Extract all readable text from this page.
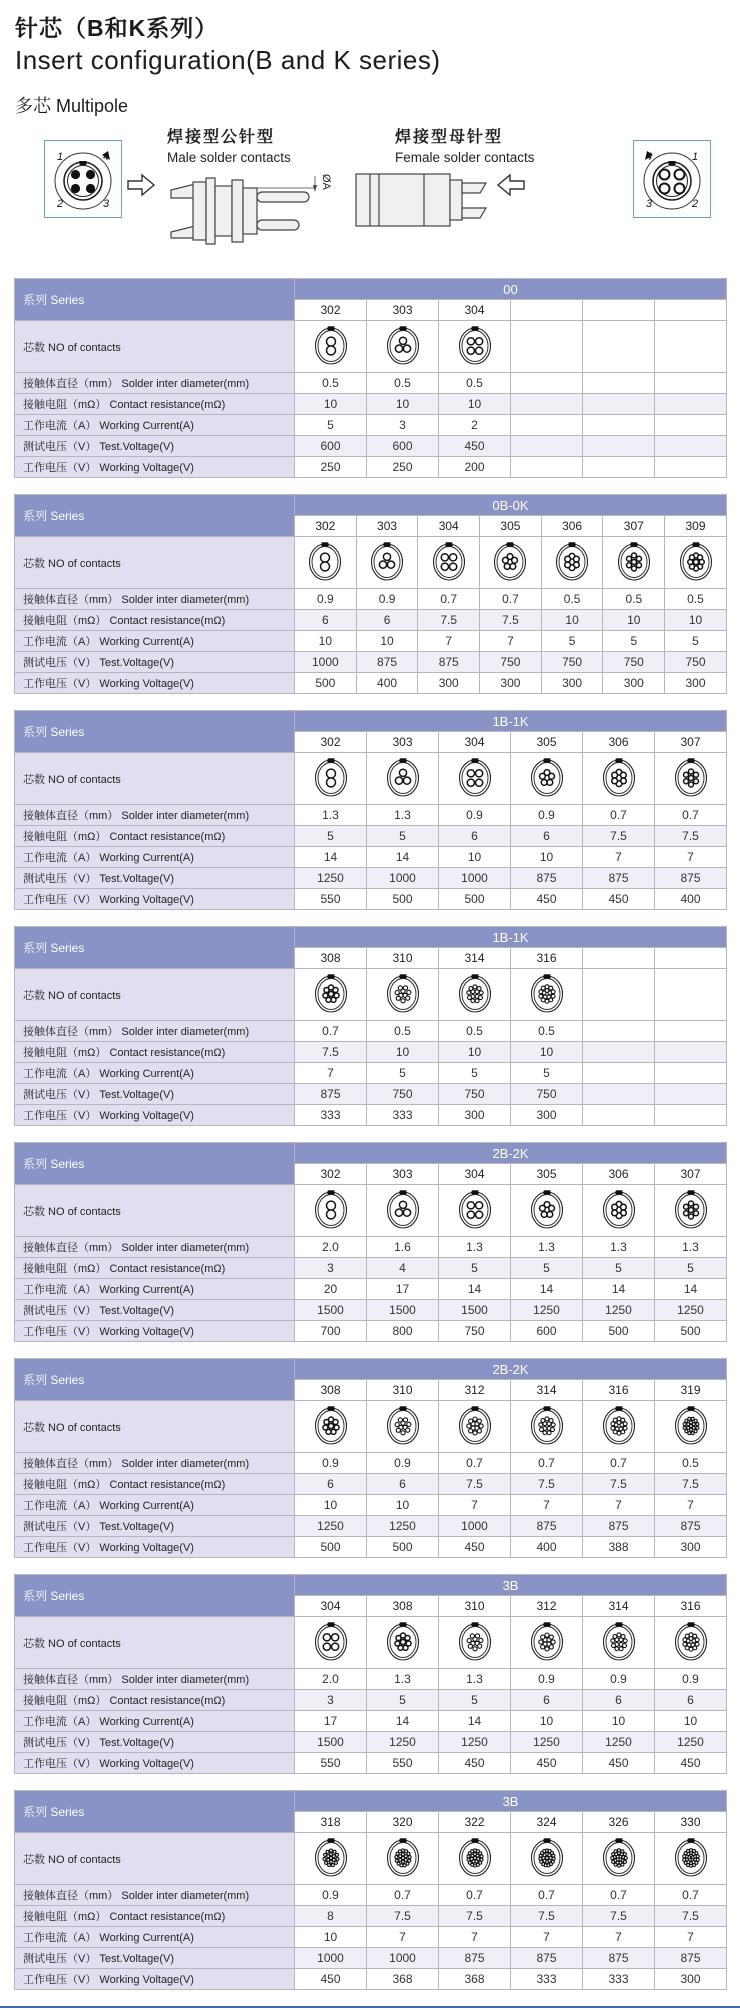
针芯（B和K系列）
Insert configuration(B and K series)
多芯 Multipole
1	4
2	3
焊接型公针型
Male solder contacts
ØA
焊接型母针型
Female solder contacts	4	1
3	2
系列 Series	00					
	302	303	304			
芯数 NO of contacts						
接触体直径（mm） Solder inter diameter(mm)	0.5	0.5	0.5			
接触电阻（mΩ） Contact resistance(mΩ)	10	10	10			
工作电流（A） Working Current(A)	5	3	2			
测试电压（V） Test.Voltage(V)	600	600	450			
工作电压（V） Working Voltage(V)	250	250	200			
系列 Series	0B-0K						
	302	303	304	305	306	307	309
芯数 NO of contacts							
接触体直径（mm） Solder inter diameter(mm)	0.9	0.9	0.7	0.7	0.5	0.5	0.5
接触电阻（mΩ） Contact resistance(mΩ)	6	6	7.5	7.5	10	10	10
工作电流（A） Working Current(A)	10	10	7	7	5	5	5
测试电压（V） Test.Voltage(V)	1000	875	875	750	750	750	750
工作电压（V） Working Voltage(V)	500	400	300	300	300	300	300
系列 Series	1B-1K					
	302	303	304	305	306	307
芯数 NO of contacts						
接触体直径（mm） Solder inter diameter(mm)	1.3	1.3	0.9	0.9	0.7	0.7
接触电阻（mΩ） Contact resistance(mΩ)	5	5	6	6	7.5	7.5
工作电流（A） Working Current(A)	14	14	10	10	7	7
测试电压（V） Test.Voltage(V)	1250	1000	1000	875	875	875
工作电压（V） Working Voltage(V)	550	500	500	450	450	400
系列 Series	1B-1K					
	308	310	314	316		
芯数 NO of contacts						
接触体直径（mm） Solder inter diameter(mm)	0.7	0.5	0.5	0.5		
接触电阻（mΩ） Contact resistance(mΩ)	7.5	10	10	10		
工作电流（A） Working Current(A)	7	5	5	5		
测试电压（V） Test.Voltage(V)	875	750	750	750		
工作电压（V） Working Voltage(V)	333	333	300	300		
系列 Series	2B-2K					
	302	303	304	305	306	307
芯数 NO of contacts						
接触体直径（mm） Solder inter diameter(mm)	2.0	1.6	1.3	1.3	1.3	1.3
接触电阻（mΩ） Contact resistance(mΩ)	3	4	5	5	5	5
工作电流（A） Working Current(A)	20	17	14	14	14	14
测试电压（V） Test.Voltage(V)	1500	1500	1500	1250	1250	1250
工作电压（V） Working Voltage(V)	700	800	750	600	500	500
系列 Series	2B-2K					
	308	310	312	314	316	319
芯数 NO of contacts						
接触体直径（mm） Solder inter diameter(mm)	0.9	0.9	0.7	0.7	0.7	0.5
接触电阻（mΩ） Contact resistance(mΩ)	6	6	7.5	7.5	7.5	7.5
工作电流（A） Working Current(A)	10	10	7	7	7	7
测试电压（V） Test.Voltage(V)	1250	1250	1000	875	875	875
工作电压（V） Working Voltage(V)	500	500	450	400	388	300
系列 Series	3B					
	304	308	310	312	314	316
芯数 NO of contacts						
接触体直径（mm） Solder inter diameter(mm)	2.0	1.3	1.3	0.9	0.9	0.9
接触电阻（mΩ） Contact resistance(mΩ)	3	5	5	6	6	6
工作电流（A） Working Current(A)	17	14	14	10	10	10
测试电压（V） Test.Voltage(V)	1500	1250	1250	1250	1250	1250
工作电压（V） Working Voltage(V)	550	550	450	450	450	450
系列 Series	3B					
	318	320	322	324	326	330
芯数 NO of contacts						
接触体直径（mm） Solder inter diameter(mm)	0.9	0.7	0.7	0.7	0.7	0.7
接触电阻（mΩ） Contact resistance(mΩ)	8	7.5	7.5	7.5	7.5	7.5
工作电流（A） Working Current(A)	10	7	7	7	7	7
测试电压（V） Test.Voltage(V)	1000	1000	875	875	875	875
工作电压（V） Working Voltage(V)	450	368	368	333	333	300
